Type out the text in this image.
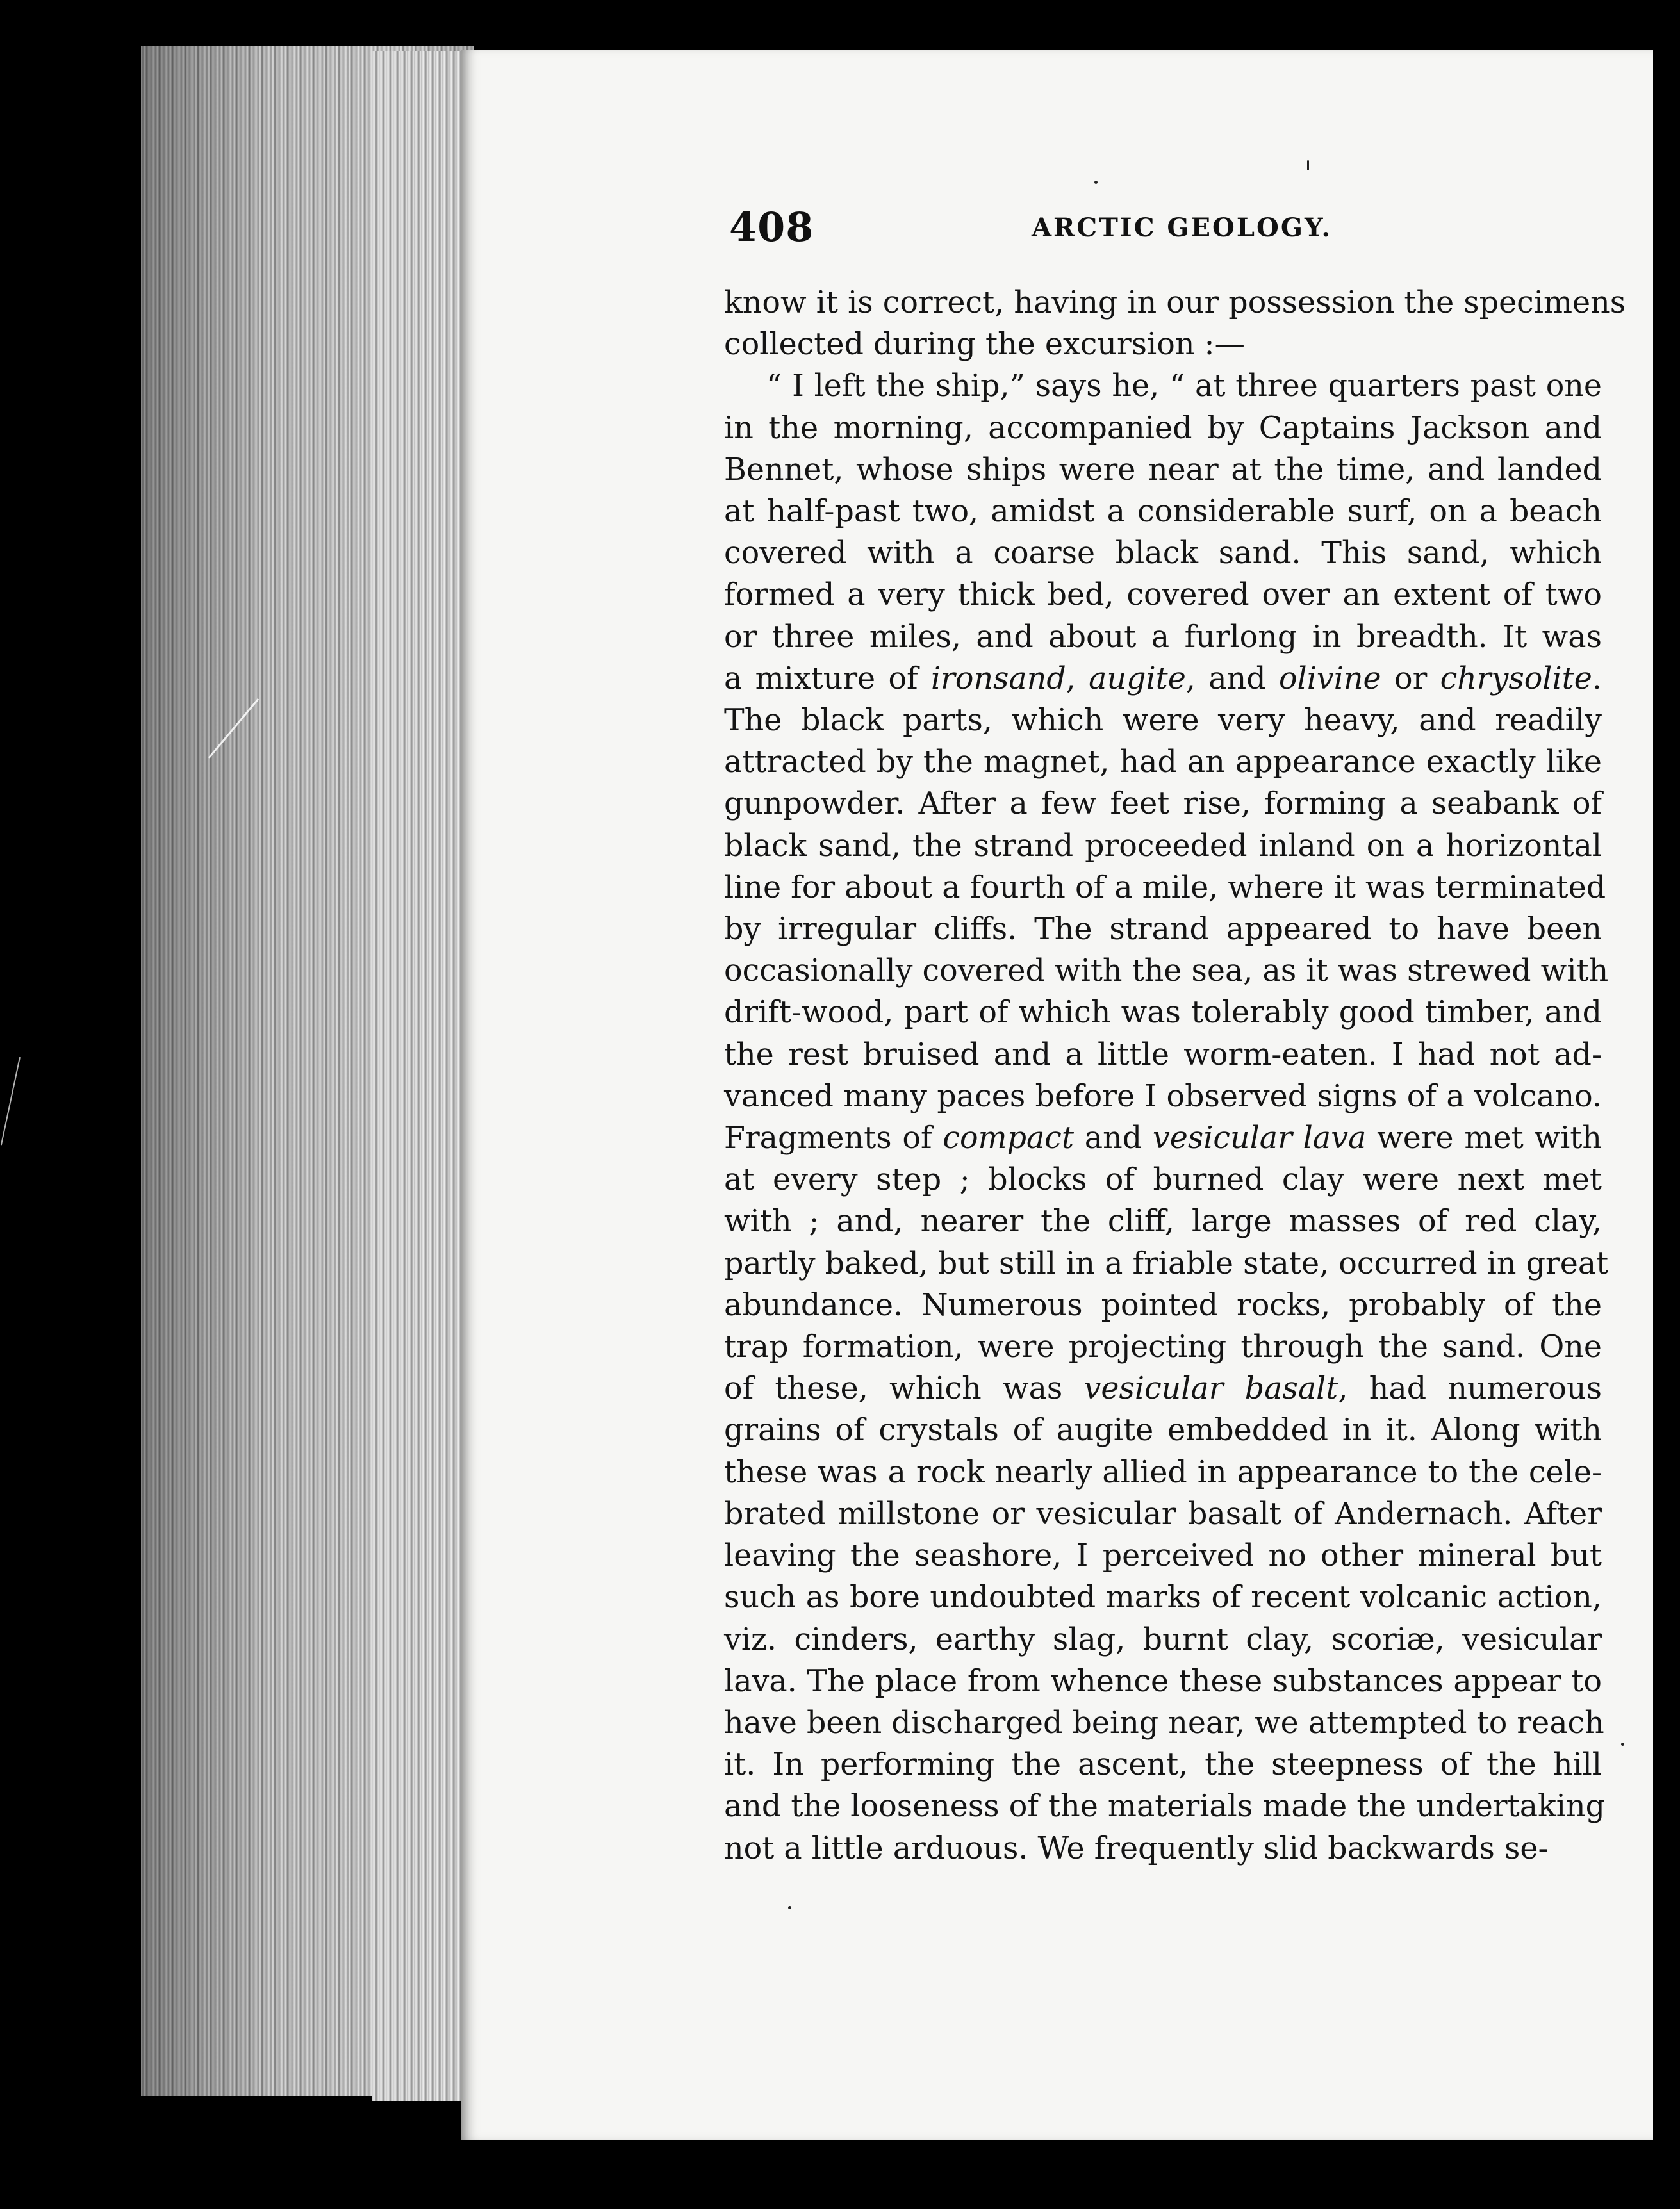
408	ARCTIC GEOLOGY.
know it is correct, having in our possession the specimens
collected during the excursion :—
“ I left the ship,” says he, “ at three quarters past one
in the morning, accompanied by Captains Jackson and
Bennet, whose ships were near at the time, and landed
at half-past two, amidst a considerable surf, on a beach
covered with a coarse black sand. This sand, which
formed a very thick bed, covered over an extent of two
or three miles, and about a furlong in breadth. It was
a mixture of ironsand, augite, and olivine or chrysolite.
The black parts, which were very heavy, and readily
attracted by the magnet, had an appearance exactly like
gunpowder. After a few feet rise, forming a seabank of
black sand, the strand proceeded inland on a horizontal
line for about a fourth of a mile, where it was terminated
by irregular cliffs. The strand appeared to have been
occasionally covered with the sea, as it was strewed with
drift-wood, part of which was tolerably good timber, and
the rest bruised and a little worm-eaten. I had not ad-
vanced many paces before I observed signs of a volcano.
Fragments of compact and vesicular lava were met with
at every step ; blocks of burned clay were next met
with ; and, nearer the cliff, large masses of red clay,
partly baked, but still in a friable state, occurred in great
abundance. Numerous pointed rocks, probably of the
trap formation, were projecting through the sand. One
of these, which was vesicular basalt, had numerous
grains of crystals of augite embedded in it. Along with
these was a rock nearly allied in appearance to the cele-
brated millstone or vesicular basalt of Andernach. After
leaving the seashore, I perceived no other mineral but
such as bore undoubted marks of recent volcanic action,
viz. cinders, earthy slag, burnt clay, scoriæ, vesicular
lava. The place from whence these substances appear to
have been discharged being near, we attempted to reach
it. In performing the ascent, the steepness of the hill
and the looseness of the materials made the undertaking
not a little arduous. We frequently slid backwards se-
